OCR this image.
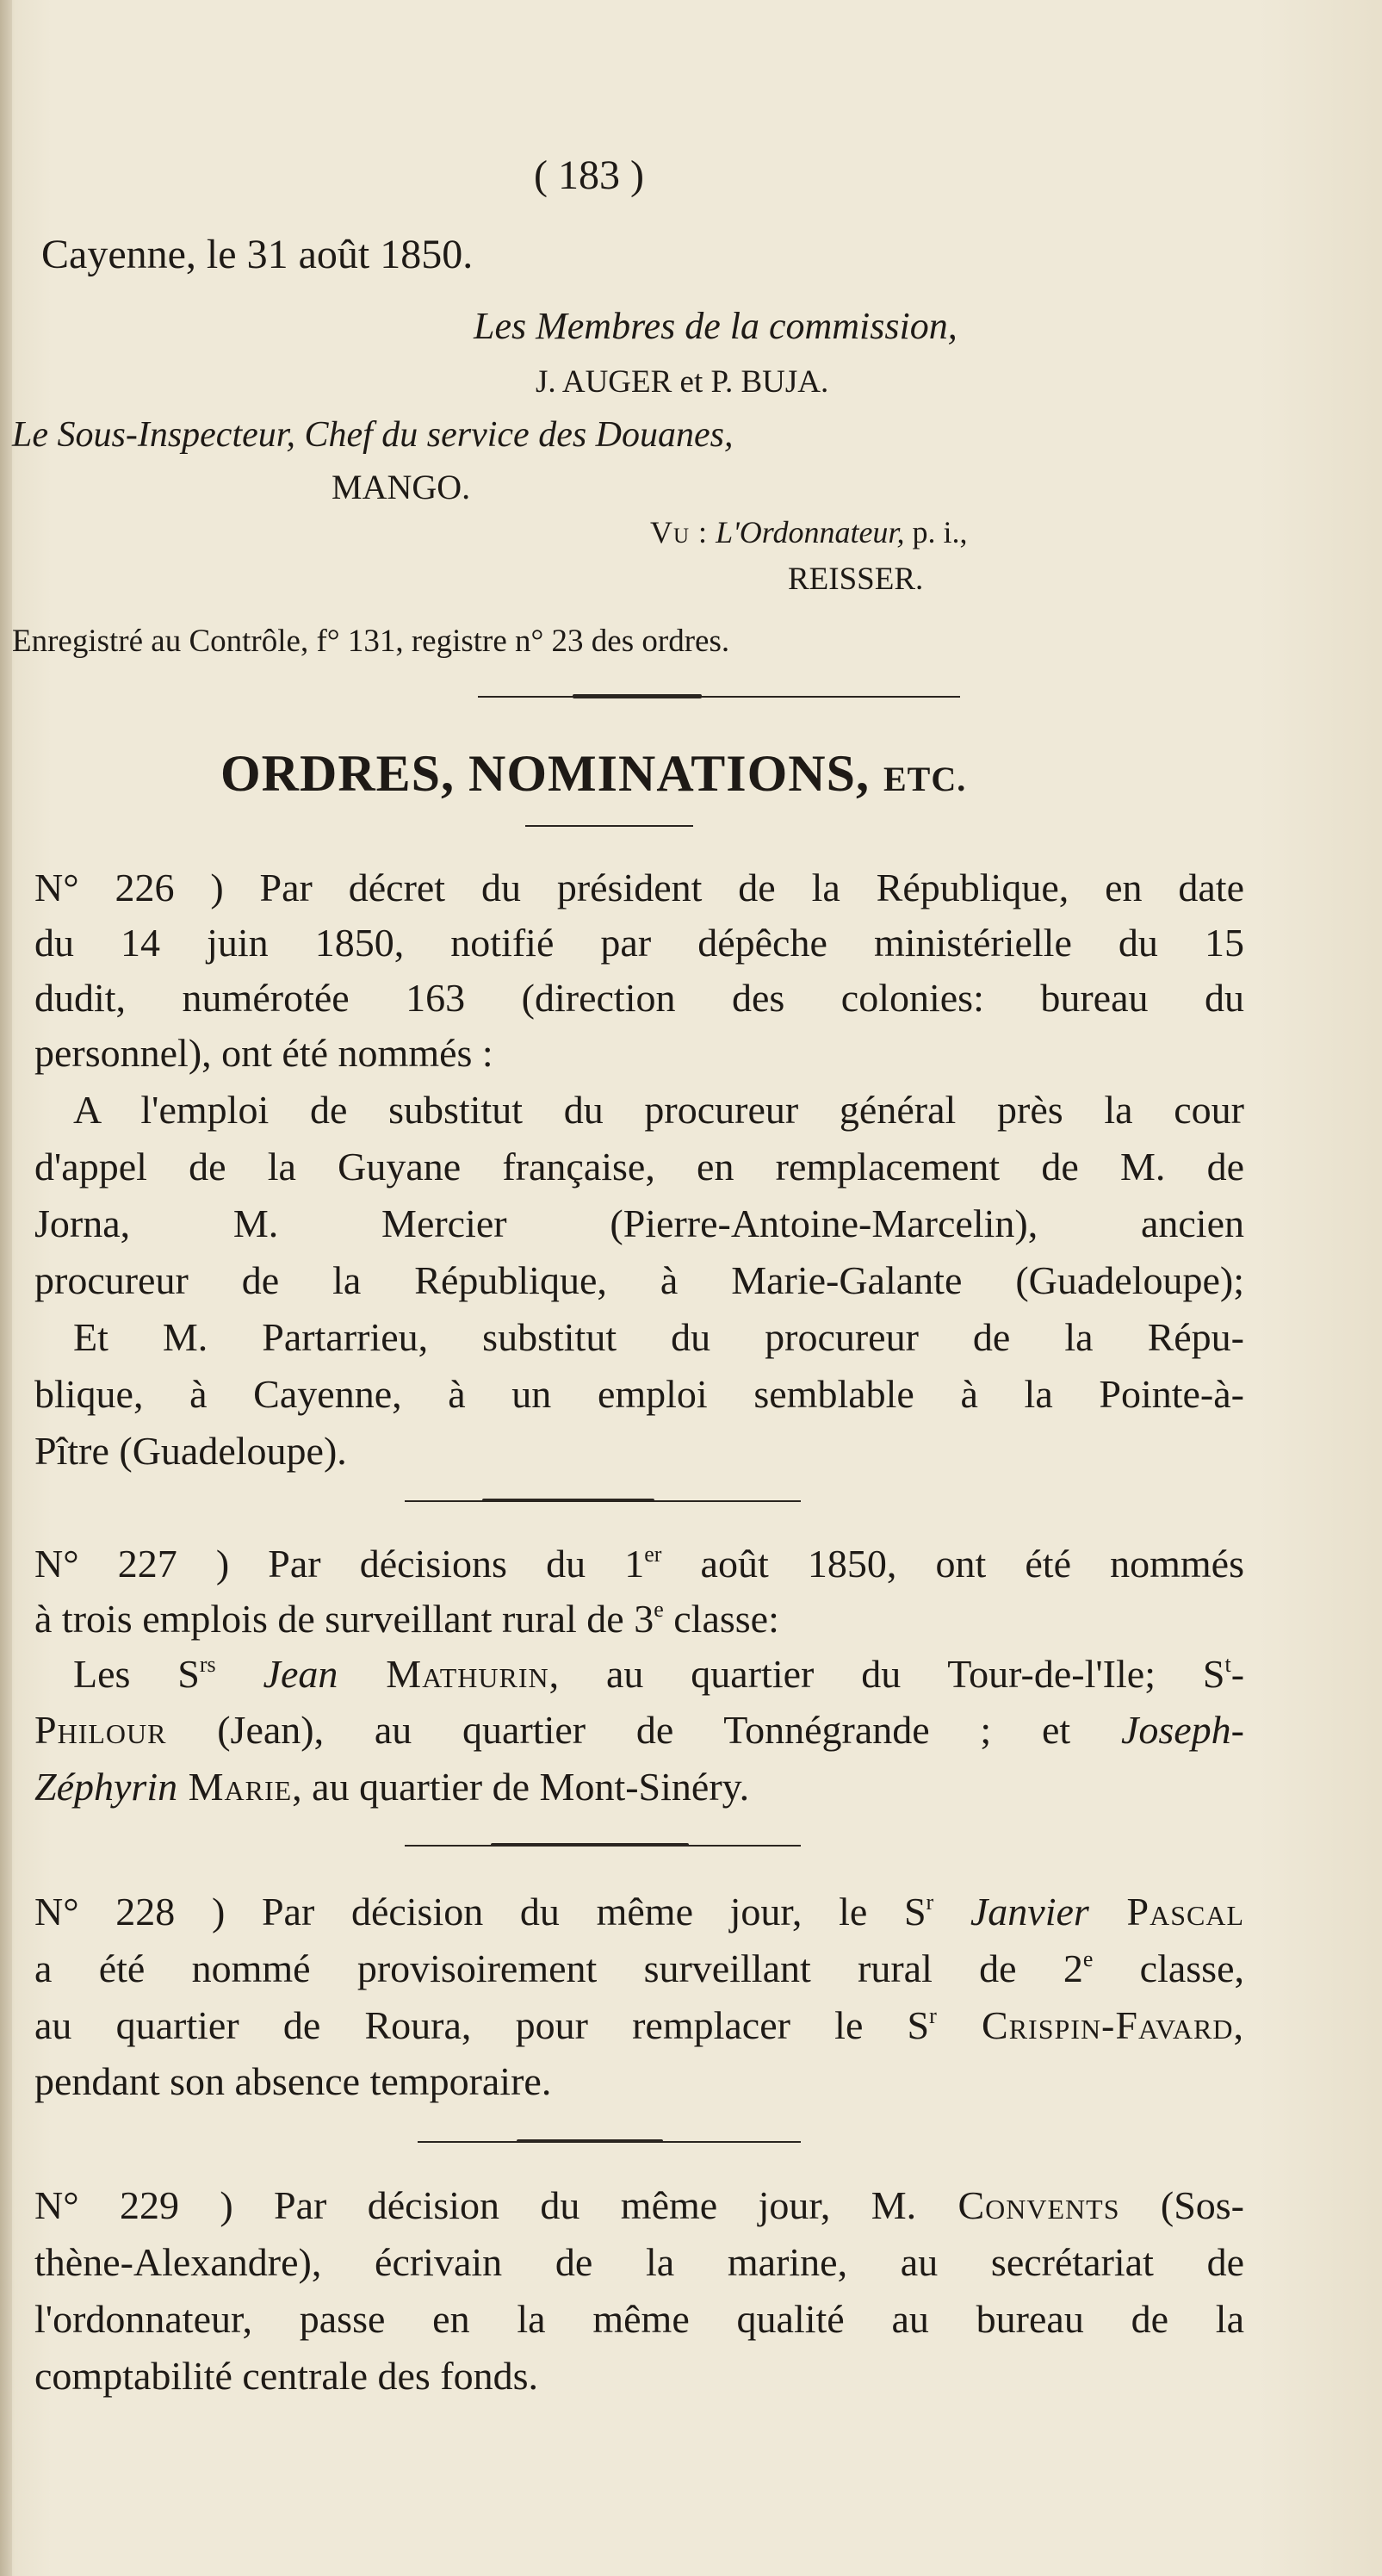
( 183 )
Cayenne, le 31 août 1850.
Les Membres de la commission,
J. AUGER et P. BUJA.
Le Sous-Inspecteur, Chef du service des Douanes,
MANGO.
Vu : L'Ordonnateur, p. i.,
REISSER.
Enregistré au Contrôle, f° 131, registre n° 23 des ordres.
ORDRES, NOMINATIONS, ETC.
N° 226 ) Par décret du président de la République, en date
du 14 juin 1850, notifié par dépêche ministérielle du 15
dudit, numérotée 163 (direction des colonies: bureau du
personnel), ont été nommés :
A l'emploi de substitut du procureur général près la cour
d'appel de la Guyane française, en remplacement de M. de
Jorna, M. Mercier (Pierre-Antoine-Marcelin), ancien
procureur de la République, à Marie-Galante (Guadeloupe);
Et M. Partarrieu, substitut du procureur de la Répu-
blique, à Cayenne, à un emploi semblable à la Pointe-à-
Pître (Guadeloupe).
N° 227 ) Par décisions du 1er août 1850, ont été nommés
à trois emplois de surveillant rural de 3e classe:
Les $S^{rs}$ Jean Mathurin, au quartier du Tour-de-l'Ile; $S^t-$
Philour (Jean), au quartier de Tonnégrande ; et Joseph-
Zéphyrin Marie, au quartier de Mont-Sinéry.
N° 228 ) Par décision du même jour, le $S^r$ Janvier Pascal
a été nommé provisoirement surveillant rural de 2e classe,
au quartier de Roura, pour remplacer le $S^r$ Crispin-Favard,
pendant son absence temporaire.
N° 229 ) Par décision du même jour, M. Convents (Sos-
thène-Alexandre), écrivain de la marine, au secrétariat de
l'ordonnateur, passe en la même qualité au bureau de la
comptabilité centrale des fonds.
